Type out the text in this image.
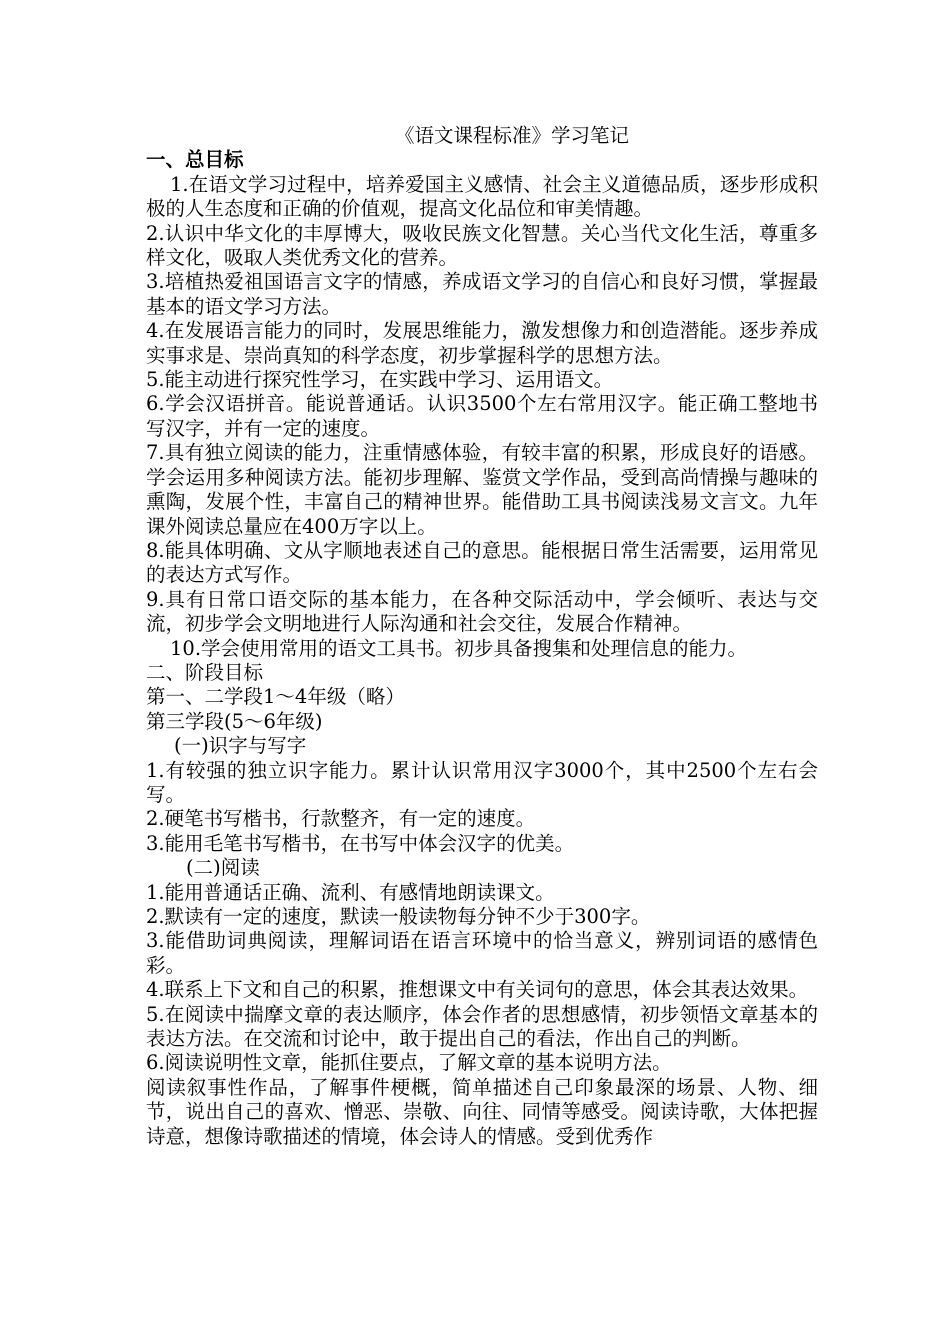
《语文课程标准》学习笔记

一、总目标

1.在语文学习过程中，培养爱国主义感情、社会主义道德品质，逐步形成积极的人生态度和正确的价值观，提高文化品位和审美情趣。

2.认识中华文化的丰厚博大，吸收民族文化智慧。关心当代文化生活，尊重多样文化，吸取人类优秀文化的营养。

3.培植热爱祖国语言文字的情感，养成语文学习的自信心和良好习惯，掌握最基本的语文学习方法。

4.在发展语言能力的同时，发展思维能力，激发想像力和创造潜能。逐步养成实事求是、崇尚真知的科学态度，初步掌握科学的思想方法。

5.能主动进行探究性学习，在实践中学习、运用语文。

6.学会汉语拼音。能说普通话。认识3500个左右常用汉字。能正确工整地书写汉字，并有一定的速度。

7.具有独立阅读的能力，注重情感体验，有较丰富的积累，形成良好的语感。学会运用多种阅读方法。能初步理解、鉴赏文学作品，受到高尚情操与趣味的熏陶，发展个性，丰富自己的精神世界。能借助工具书阅读浅易文言文。九年课外阅读总量应在400万字以上。

8.能具体明确、文从字顺地表述自己的意思。能根据日常生活需要，运用常见的表达方式写作。

9.具有日常口语交际的基本能力，在各种交际活动中，学会倾听、表达与交流，初步学会文明地进行人际沟通和社会交往，发展合作精神。

10.学会使用常用的语文工具书。初步具备搜集和处理信息的能力。

二、阶段目标

第一、二学段1～4年级（略）

第三学段(5～6年级)

(一)识字与写字

1.有较强的独立识字能力。累计认识常用汉字3000个，其中2500个左右会写。

2.硬笔书写楷书，行款整齐，有一定的速度。

3.能用毛笔书写楷书，在书写中体会汉字的优美。

(二)阅读

1.能用普通话正确、流利、有感情地朗读课文。

2.默读有一定的速度，默读一般读物每分钟不少于300字。

3.能借助词典阅读，理解词语在语言环境中的恰当意义，辨别词语的感情色彩。

4.联系上下文和自己的积累，推想课文中有关词句的意思，体会其表达效果。

5.在阅读中揣摩文章的表达顺序，体会作者的思想感情，初步领悟文章基本的表达方法。在交流和讨论中，敢于提出自己的看法，作出自己的判断。

6.阅读说明性文章，能抓住要点，了解文章的基本说明方法。

阅读叙事性作品，了解事件梗概，简单描述自己印象最深的场景、人物、细节，说出自己的喜欢、憎恶、崇敬、向往、同情等感受。阅读诗歌，大体把握诗意，想像诗歌描述的情境，体会诗人的情感。受到优秀作
